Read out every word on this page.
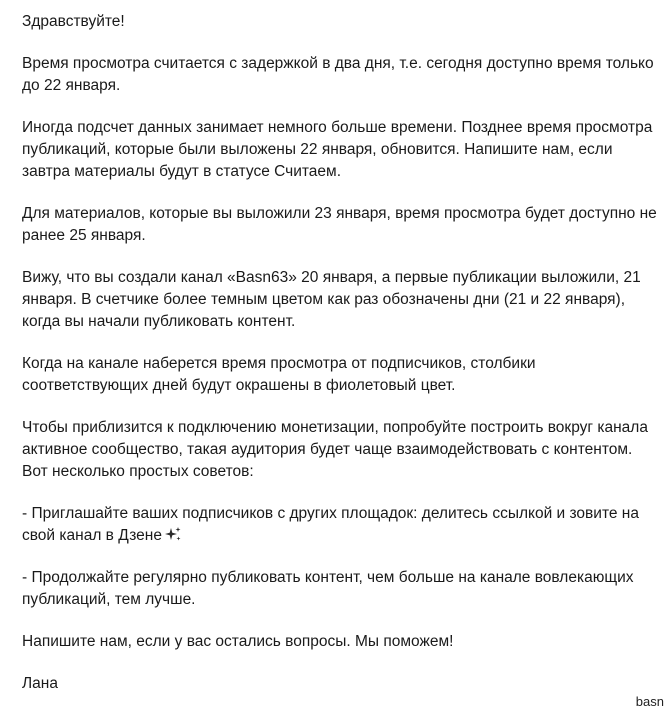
Здравствуйте!

Время просмотра считается с задержкой в два дня, т.е. сегодня доступно время только до 22 января.

Иногда подсчет данных занимает немного больше времени. Позднее время просмотра публикаций, которые были выложены 22 января, обновится. Напишите нам, если завтра материалы будут в статусе Считаем.

Для материалов, которые вы выложили 23 января, время просмотра будет доступно не ранее 25 января.

Вижу, что вы создали канал «Basn63» 20 января, а первые публикации выложили, 21 января. В счетчике более темным цветом как раз обозначены дни (21 и 22 января), когда вы начали публиковать контент.

Когда на канале наберется время просмотра от подписчиков, столбики соответствующих дней будут окрашены в фиолетовый цвет.

Чтобы приблизится к подключению монетизации, попробуйте построить вокруг канала активное сообщество, такая аудитория будет чаще взаимодействовать с контентом. Вот несколько простых советов:

- Приглашайте ваших подписчиков с других площадок: делитесь ссылкой и зовите на свой канал в Дзене

- Продолжайте регулярно публиковать контент, чем больше на канале вовлекающих публикаций, тем лучше.

Напишите нам, если у вас остались вопросы. Мы поможем!

Лана

basn
